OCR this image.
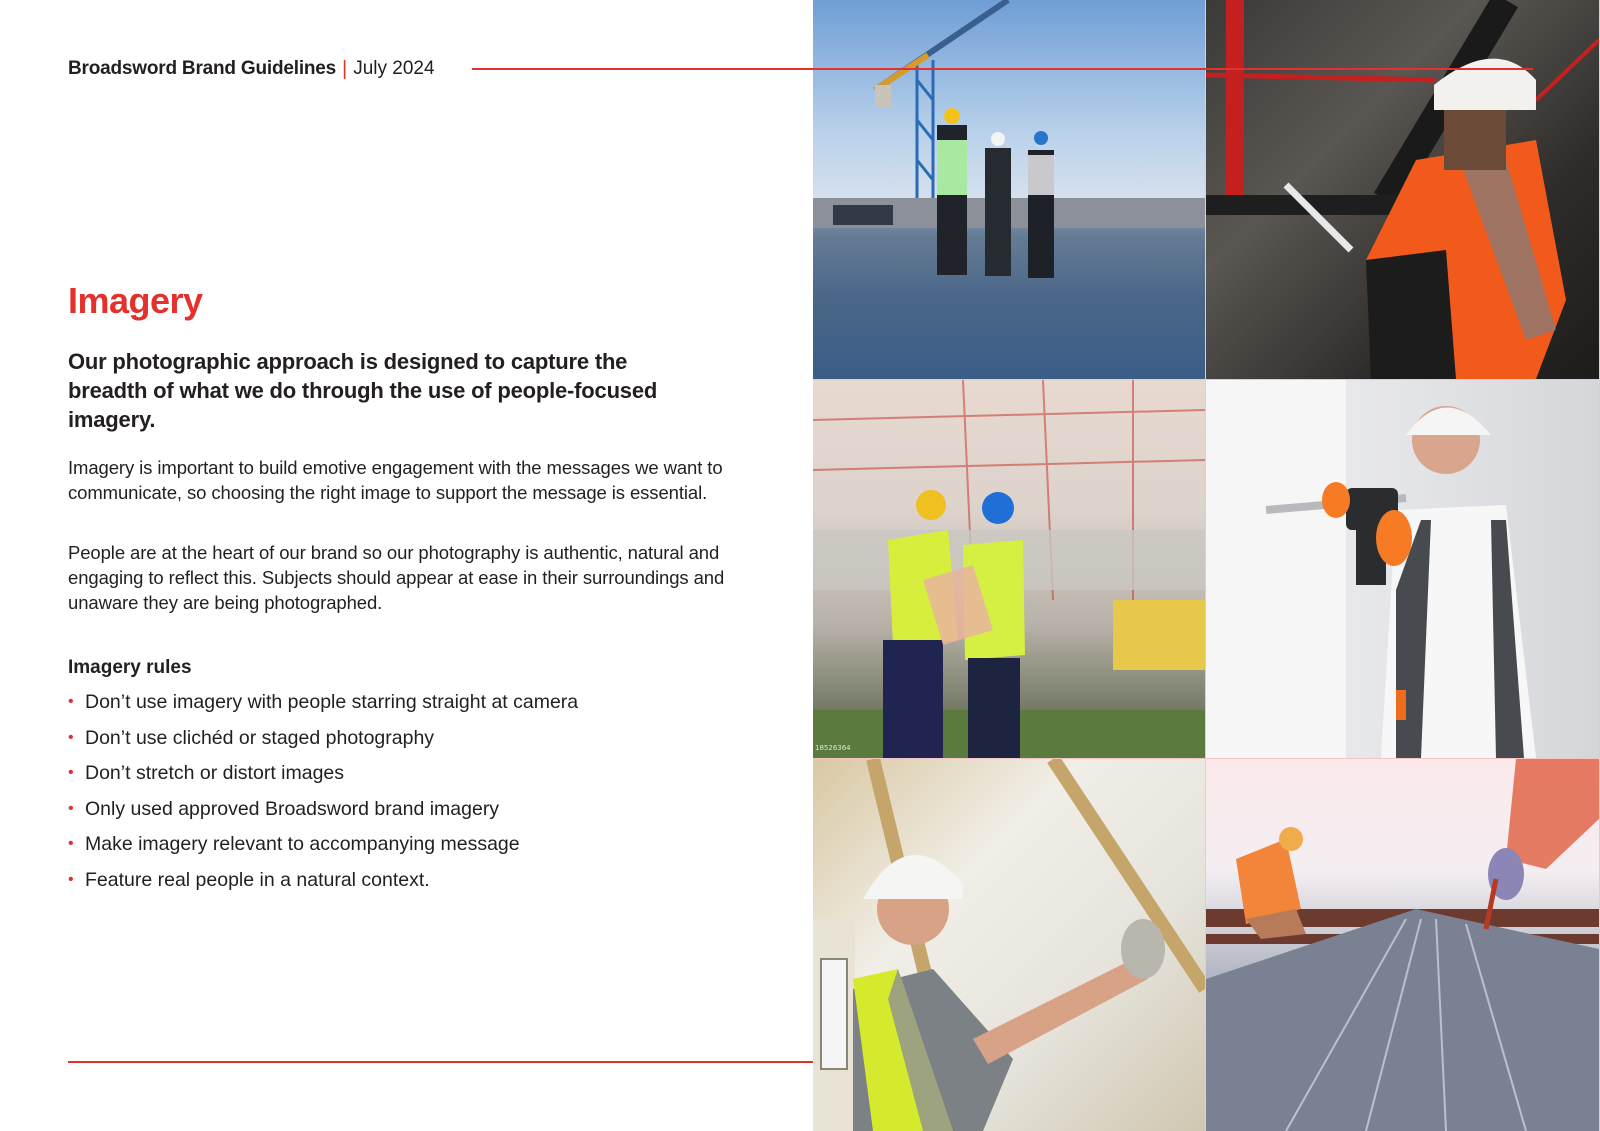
Broadsword Brand Guidelines | July 2024
Imagery

Our photographic approach is designed to capture the breadth of what we do through the use of people-focused imagery.

Imagery is important to build emotive engagement with the messages we want to communicate, so choosing the right image to support the message is essential.

People are at the heart of our brand so our photography is authentic, natural and engaging to reflect this. Subjects should appear at ease in their surroundings and unaware they are being photographed.

Imagery rules
• Don’t use imagery with people starring straight at camera
• Don’t use clichéd or staged photography
• Don’t stretch or distort images
• Only used approved Broadsword brand imagery
• Make imagery relevant to accompanying message
• Feature real people in a natural context.
18526364
